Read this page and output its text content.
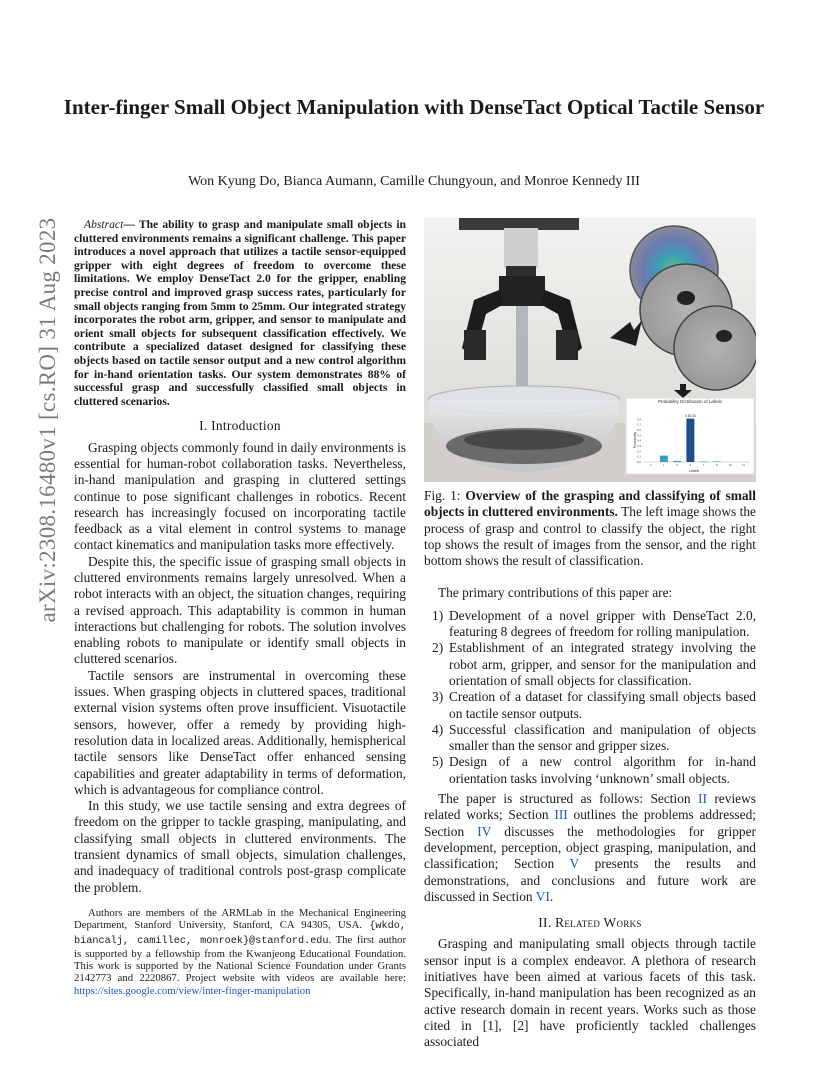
Inter-finger Small Object Manipulation with DenseTact Optical Tactile Sensor
Won Kyung Do, Bianca Aumann, Camille Chungyoun, and Monroe Kennedy III
arXiv:2308.16480v1 [cs.RO] 31 Aug 2023	Abstract— The ability to grasp and manipulate small objects in cluttered environments remains a significant challenge. This paper introduces a novel approach that utilizes a tactile sensor-equipped gripper with eight degrees of freedom to overcome these limitations. We employ DenseTact 2.0 for the gripper, enabling precise control and improved grasp success rates, particularly for small objects ranging from 5mm to 25mm. Our integrated strategy incorporates the robot arm, gripper, and sensor to manipulate and orient small objects for subsequent classification effectively. We contribute a specialized dataset designed for classifying these objects based on tactile sensor output and a new control algorithm for in-hand orientation tasks. Our system demonstrates 88% of successful grasp and successfully classified small objects in cluttered scenarios.

I. Introduction

Grasping objects commonly found in daily environments is essential for human-robot collaboration tasks. Nevertheless, in-hand manipulation and grasping in cluttered settings continue to pose significant challenges in robotics. Recent research has increasingly focused on incorporating tactile feedback as a vital element in control systems to manage contact kinematics and manipulation tasks more effectively.

Despite this, the specific issue of grasping small objects in cluttered environments remains largely unresolved. When a robot interacts with an object, the situation changes, requiring a revised approach. This adaptability is common in human interactions but challenging for robots. The solution involves enabling robots to manipulate or identify small objects in cluttered scenarios.

Tactile sensors are instrumental in overcoming these issues. When grasping objects in cluttered spaces, traditional external vision systems often prove insufficient. Visuotactile sensors, however, offer a remedy by providing high-resolution data in localized areas. Additionally, hemispherical tactile sensors like DenseTact offer enhanced sensing capabilities and greater adaptability in terms of deformation, which is advantageous for compliance control.

In this study, we use tactile sensing and extra degrees of freedom on the gripper to tackle grasping, manipulating, and classifying small objects in cluttered environments. The transient dynamics of small objects, simulation challenges, and inadequacy of traditional controls post-grasp complicate the problem.

Authors are members of the ARMLab in the Mechanical Engineering Department, Stanford University, Stanford, CA 94305, USA. {wkdo, biancalj, camillec, monroek}@stanford.edu. The first author is supported by a fellowship from the Kwanjeong Educational Foundation. This work is supported by the National Science Foundation under Grants 2142773 and 2220867. Project website with videos are available here: https://sites.google.com/view/inter-finger-manipulation
Probability Distribution of Labels
Probability
Labels
0.0
0.1
0.2
0.3
0.4
0.5
0.6
0.7
0.8
0	1	5	6	7	8	10	11
0.8133

Fig. 1: Overview of the grasping and classifying of small objects in cluttered environments. The left image shows the process of grasp and control to classify the object, the right top shows the result of images from the sensor, and the right bottom shows the result of classification.

The primary contributions of this paper are:

1) Development of a novel gripper with DenseTact 2.0, featuring 8 degrees of freedom for rolling manipulation.
2) Establishment of an integrated strategy involving the robot arm, gripper, and sensor for the manipulation and orientation of small objects for classification.
3) Creation of a dataset for classifying small objects based on tactile sensor outputs.
4) Successful classification and manipulation of objects smaller than the sensor and gripper sizes.
5) Design of a new control algorithm for in-hand orientation tasks involving ‘unknown’ small objects.

The paper is structured as follows: Section II reviews related works; Section III outlines the problems addressed; Section IV discusses the methodologies for gripper development, perception, object grasping, manipulation, and classification; Section V presents the results and demonstrations, and conclusions and future work are discussed in Section VI.

II. Related Works

Grasping and manipulating small objects through tactile sensor input is a complex endeavor. A plethora of research initiatives have been aimed at various facets of this task. Specifically, in-hand manipulation has been recognized as an active research domain in recent years. Works such as those cited in [1], [2] have proficiently tackled challenges associated
